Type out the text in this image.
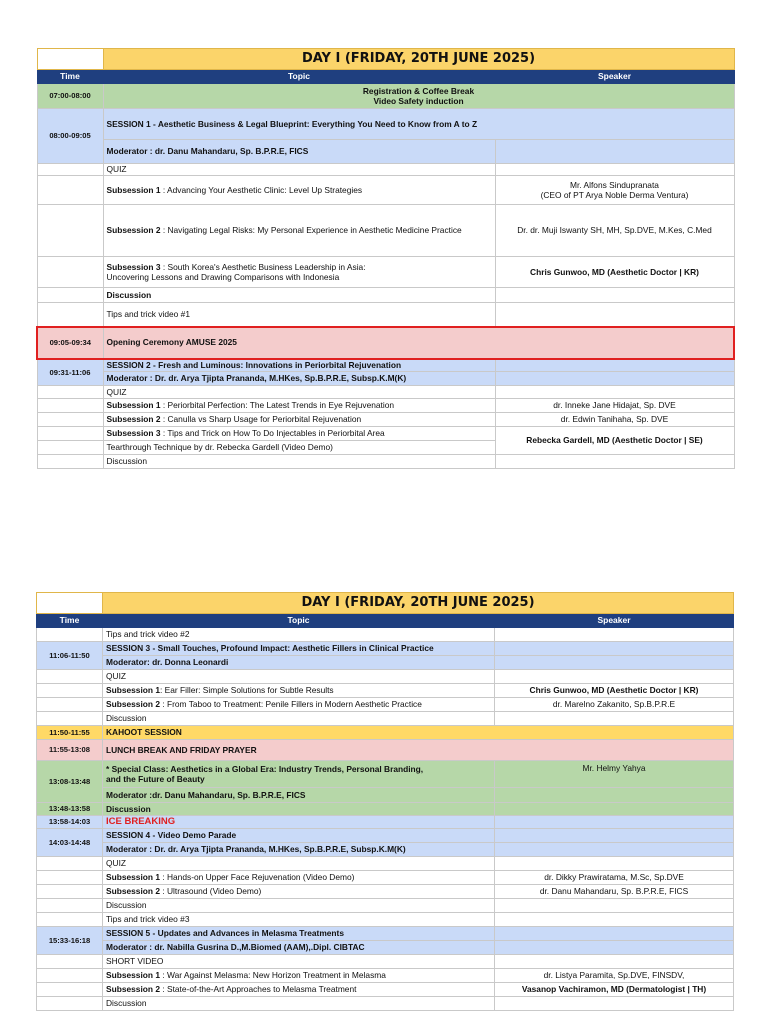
	DAY I (FRIDAY, 20TH JUNE 2025)	
Time	Topic	Speaker
07:00-08:00	Registration & Coffee Break
Video Safety induction	

08:00-09:05	SESSION 1 - Aesthetic Business & Legal Blueprint: Everything You Need to Know from A to Z	
	Moderator : dr. Danu Mahandaru, Sp. B.P.R.E, FICS	
	QUIZ	
	Subsession 1 : Advancing Your Aesthetic Clinic: Level Up Strategies	Mr. Alfons Sindupranata
(CEO of PT Arya Noble Derma Ventura)

	Subsession 2 : Navigating Legal Risks: My Personal Experience in Aesthetic Medicine Practice	Dr. dr. Muji Iswanty SH, MH, Sp.DVE, M.Kes, C.Med

	Subsession 3 : South Korea's Aesthetic Business Leadership in Asia:
Uncovering Lessons and Drawing Comparisons with Indonesia	Chris Gunwoo, MD (Aesthetic Doctor | KR)
	Discussion	
	Tips and trick video #1	
09:05-09:34	Opening Ceremony AMUSE 2025	
09:31-11:06	SESSION 2 - Fresh and Luminous: Innovations in Periorbital Rejuvenation	
	Moderator : Dr. dr. Arya Tjipta Prananda, M.HKes, Sp.B.P.R.E, Subsp.K.M(K)	
	QUIZ	
	Subsession 1 : Periorbital Perfection: The Latest Trends in Eye Rejuvenation	dr. Inneke Jane Hidajat, Sp. DVE
	Subsession 2 : Canulla vs Sharp Usage for Periorbital Rejuvenation	dr. Edwin Tanihaha, Sp. DVE
	Subsession 3 : Tips and Trick on How To Do Injectables in Periorbital Area	Rebecka Gardell, MD (Aesthetic Doctor | SE)
	Tearthrough Technique by dr. Rebecka Gardell (Video Demo)	
	Discussion	
	DAY I (FRIDAY, 20TH JUNE 2025)	
Time	Topic	Speaker
	Tips and trick video #2	
11:06-11:50	SESSION 3 - Small Touches, Profound Impact: Aesthetic Fillers in Clinical Practice	
	Moderator: dr. Donna Leonardi	
	QUIZ	
	Subsession 1: Ear Filler: Simple Solutions for Subtle Results	Chris Gunwoo, MD (Aesthetic Doctor | KR)
	Subsession 2 : From Taboo to Treatment: Penile Fillers in Modern Aesthetic Practice	dr. Marelno Zakanito, Sp.B.P.R.E
	Discussion	
11:50-11:55	KAHOOT SESSION	
11:55-13:08	LUNCH BREAK AND FRIDAY PRAYER	
13:08-13:48	* Special Class: Aesthetics in a Global Era: Industry Trends, Personal Branding,
and the Future of Beauty	Mr. Helmy Yahya
	Moderator :dr. Danu Mahandaru, Sp. B.P.R.E, FICS	
13:48-13:58	Discussion	
13:58-14:03	ICE BREAKING	
14:03-14:48	SESSION 4 - Video Demo Parade	
	Moderator : Dr. dr. Arya Tjipta Prananda, M.HKes, Sp.B.P.R.E, Subsp.K.M(K)	
	QUIZ	
	Subsession 1 : Hands-on Upper Face Rejuvenation (Video Demo)	dr. Dikky Prawiratama, M.Sc, Sp.DVE
	Subsession 2 : Ultrasound (Video Demo)	dr. Danu Mahandaru, Sp. B.P.R.E, FICS
	Discussion	
	Tips and trick video #3	
15:33-16:18	SESSION 5 - Updates and Advances in Melasma Treatments	
	Moderator : dr. Nabilla Gusrina D.,M.Biomed (AAM),.Dipl. CIBTAC	
	SHORT VIDEO	
	Subsession 1 : War Against Melasma: New Horizon Treatment in Melasma	dr. Listya Paramita, Sp.DVE, FINSDV,
	Subsession 2 : State-of-the-Art Approaches to Melasma Treatment	Vasanop Vachiramon, MD (Dermatologist | TH)
	Discussion	
